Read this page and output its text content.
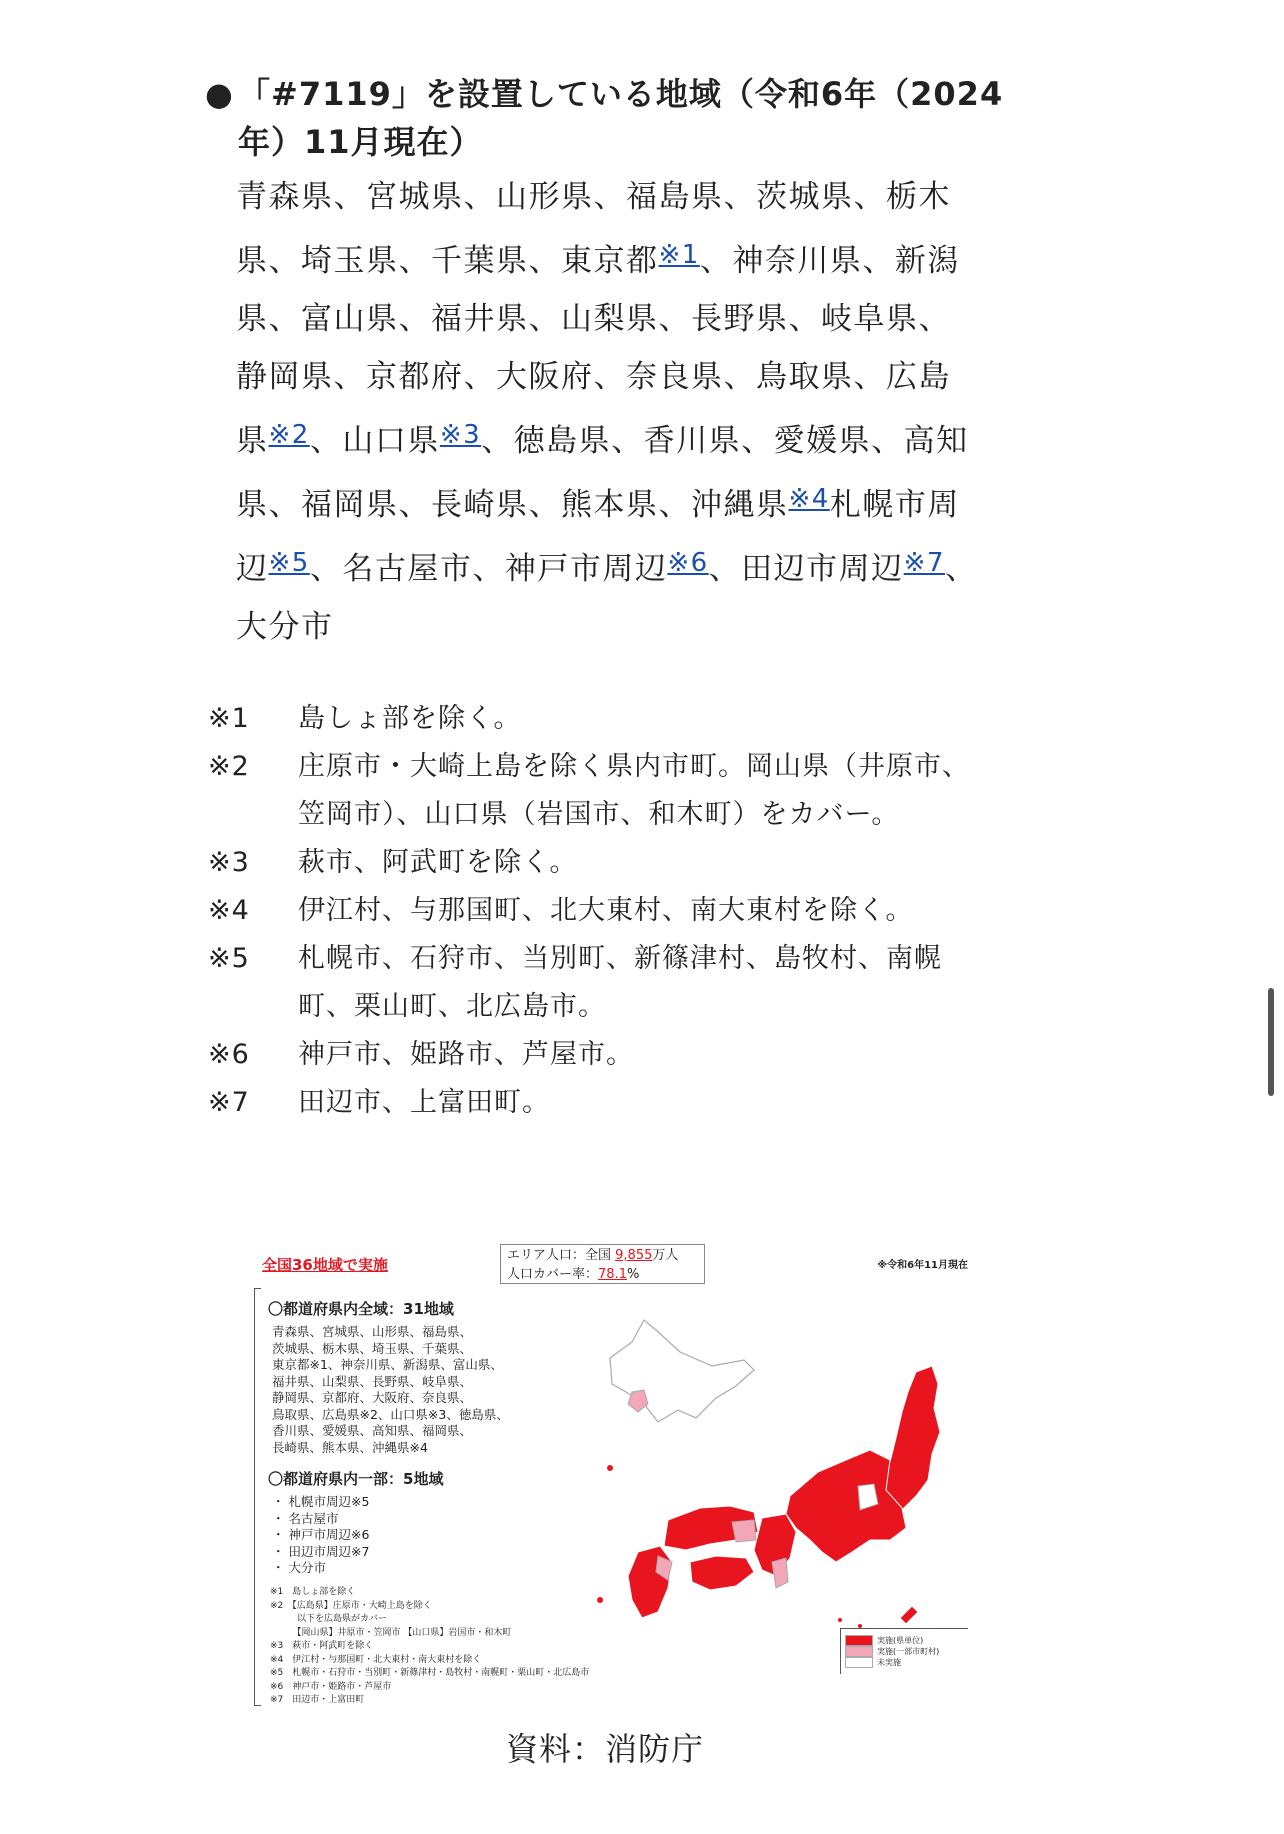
● 「#7119」を設置している地域（令和6年（2024年）11月現在）
青森県、宮城県、山形県、福島県、茨城県、栃木県、埼玉県、千葉県、東京都$^{※1}$、神奈川県、新潟県、富山県、福井県、山梨県、長野県、岐阜県、静岡県、京都府、大阪府、奈良県、鳥取県、広島県$^{※2}$、山口県$^{※3}$、徳島県、香川県、愛媛県、高知県、福岡県、長崎県、熊本県、沖縄県$^{※4}$札幌市周辺$^{※5}$、名古屋市、神戸市周辺$^{※6}$、田辺市周辺$^{※7}$、大分市
※1	島しょ部を除く。
※2	庄原市・大崎上島を除く県内市町。岡山県（井原市、笠岡市）、山口県（岩国市、和木町）をカバー。
※3	萩市、阿武町を除く。
※4	伊江村、与那国町、北大東村、南大東村を除く。
※5	札幌市、石狩市、当別町、新篠津村、島牧村、南幌町、栗山町、北広島市。
※6	神戸市、姫路市、芦屋市。
※7	田辺市、上富田町。
全国36地域で実施
エリア人口：全国 9,855万人
人口カバー率：78.1%
※令和6年11月現在
〇都道府県内全域：31地域
青森県、宮城県、山形県、福島県、
茨城県、栃木県、埼玉県、千葉県、
東京都※1、神奈川県、新潟県、富山県、
福井県、山梨県、長野県、岐阜県、
静岡県、京都府、大阪府、奈良県、
鳥取県、広島県※2、山口県※3、徳島県、
香川県、愛媛県、高知県、福岡県、
長崎県、熊本県、沖縄県※4
〇都道府県内一部：5地域
・ 札幌市周辺※5
・ 名古屋市
・ 神戸市周辺※6
・ 田辺市周辺※7
・ 大分市
※1　島しょ部を除く
※2　【広島県】庄原市・大崎上島を除く
　　　以下を広島県がカバー
　　　【岡山県】井原市・笠岡市 【山口県】岩国市・和木町
※3　萩市・阿武町を除く
※4　伊江村・与那国町・北大東村・南大東村を除く
※5　札幌市・石狩市・当別町・新篠津村・島牧村・南幌町・栗山町・北広島市
※6　神戸市・姫路市・芦屋市
※7　田辺市・上富田町
実施(県単位)
実施(一部市町村)
未実施
資料：消防庁
